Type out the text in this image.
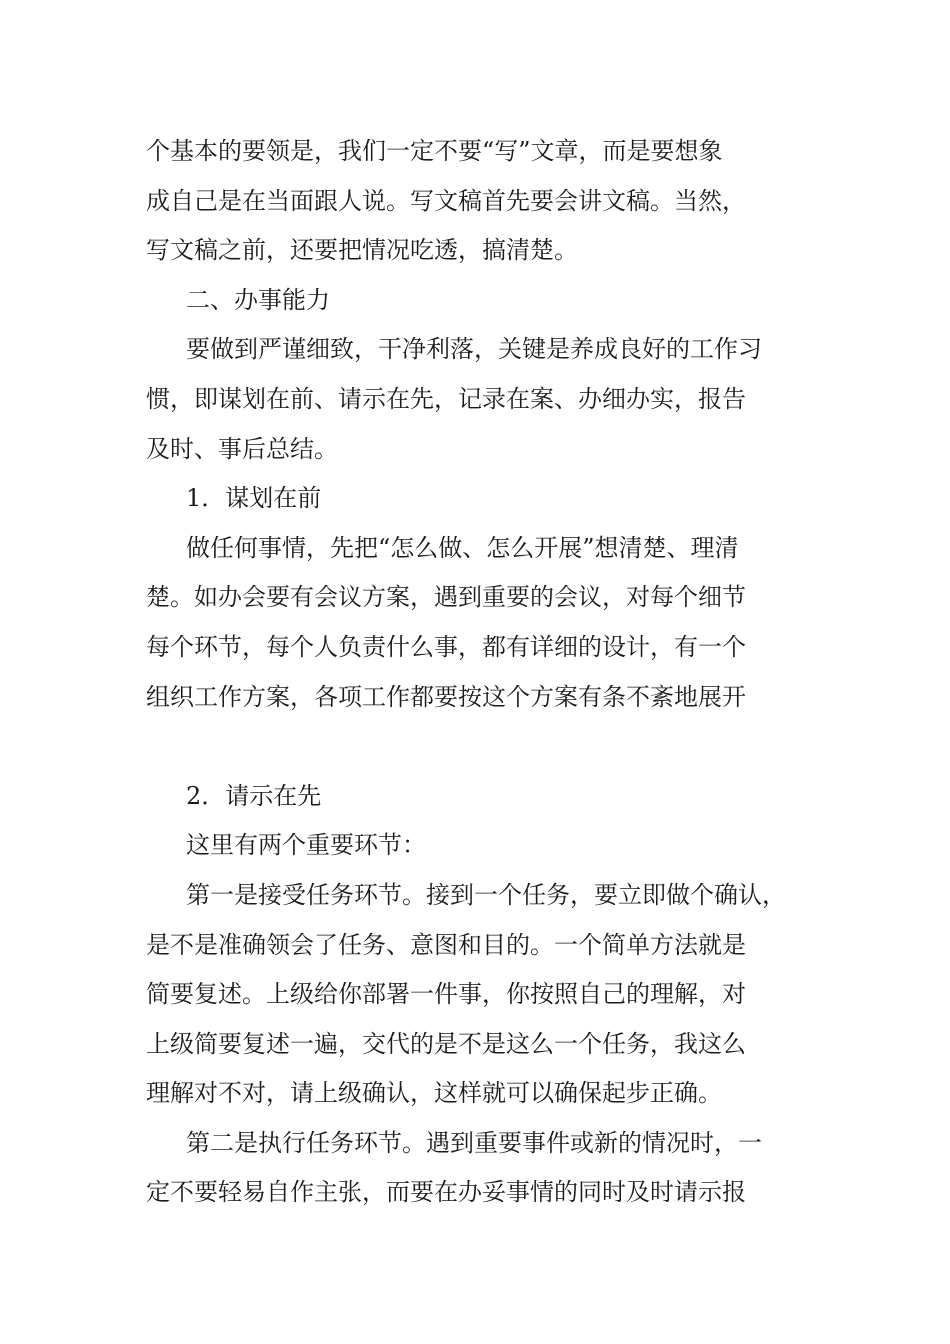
个基本的要领是，我们一定不要“写”文章，而是要想象
成自己是在当面跟人说。写文稿首先要会讲文稿。当然，
写文稿之前，还要把情况吃透，搞清楚。
二、办事能力
要做到严谨细致，干净利落，关键是养成良好的工作习
惯，即谋划在前、请示在先，记录在案、办细办实，报告
及时、事后总结。
1．谋划在前
做任何事情，先把“怎么做、怎么开展”想清楚、理清
楚。如办会要有会议方案，遇到重要的会议，对每个细节
每个环节，每个人负责什么事，都有详细的设计，有一个
组织工作方案，各项工作都要按这个方案有条不紊地展开
2．请示在先
这里有两个重要环节：
第一是接受任务环节。接到一个任务，要立即做个确认，
是不是准确领会了任务、意图和目的。一个简单方法就是
简要复述。上级给你部署一件事，你按照自己的理解，对
上级简要复述一遍，交代的是不是这么一个任务，我这么
理解对不对，请上级确认，这样就可以确保起步正确。
第二是执行任务环节。遇到重要事件或新的情况时，一
定不要轻易自作主张，而要在办妥事情的同时及时请示报
